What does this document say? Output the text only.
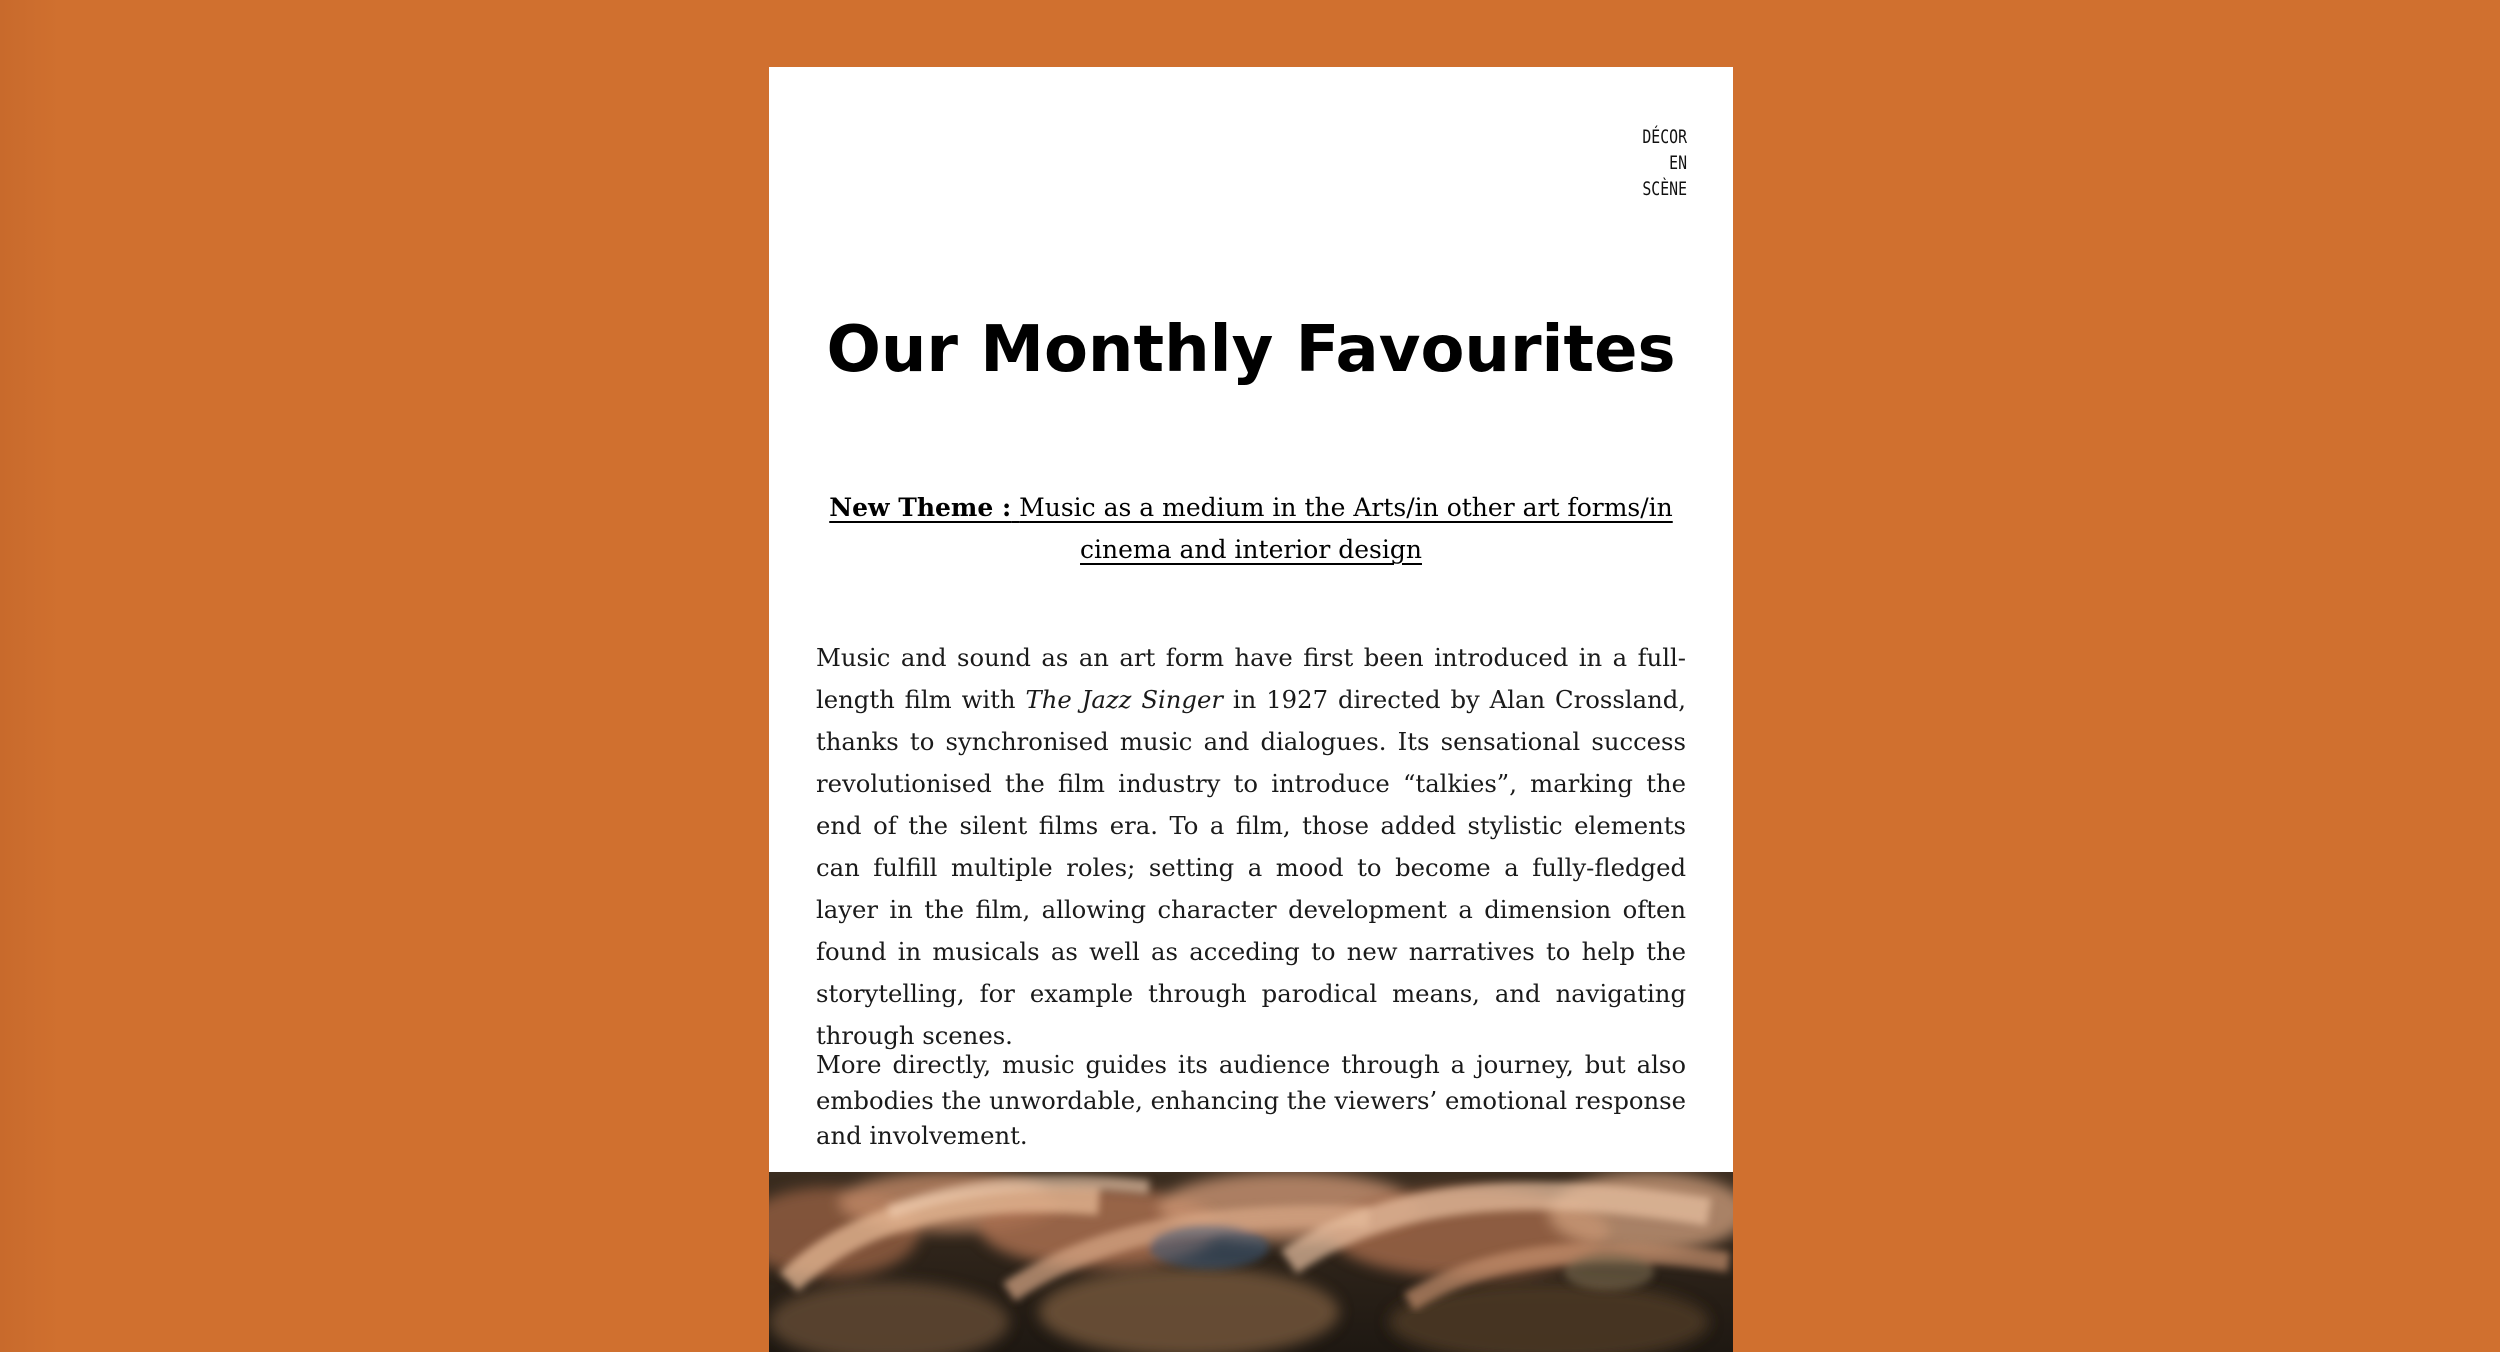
DÉCOR
EN
SCÈNE
Our Monthly Favourites

New Theme : Music as a medium in the Arts/in other art forms/in cinema and interior design

Music and sound as an art form have first been introduced in a full-length film with The Jazz Singer in 1927 directed by Alan Crossland, thanks to synchronised music and dialogues. Its sensational success revolutionised the film industry to introduce “talkies”, marking the end of the silent films era. To a film, those added stylistic elements can fulfill multiple roles; setting a mood to become a fully-fledged layer in the film, allowing character development a dimension often found in musicals as well as acceding to new narratives to help the storytelling, for example through parodical means, and navigating through scenes.

More directly, music guides its audience through a journey, but also embodies the unwordable, enhancing the viewers’ emotional response and involvement.
